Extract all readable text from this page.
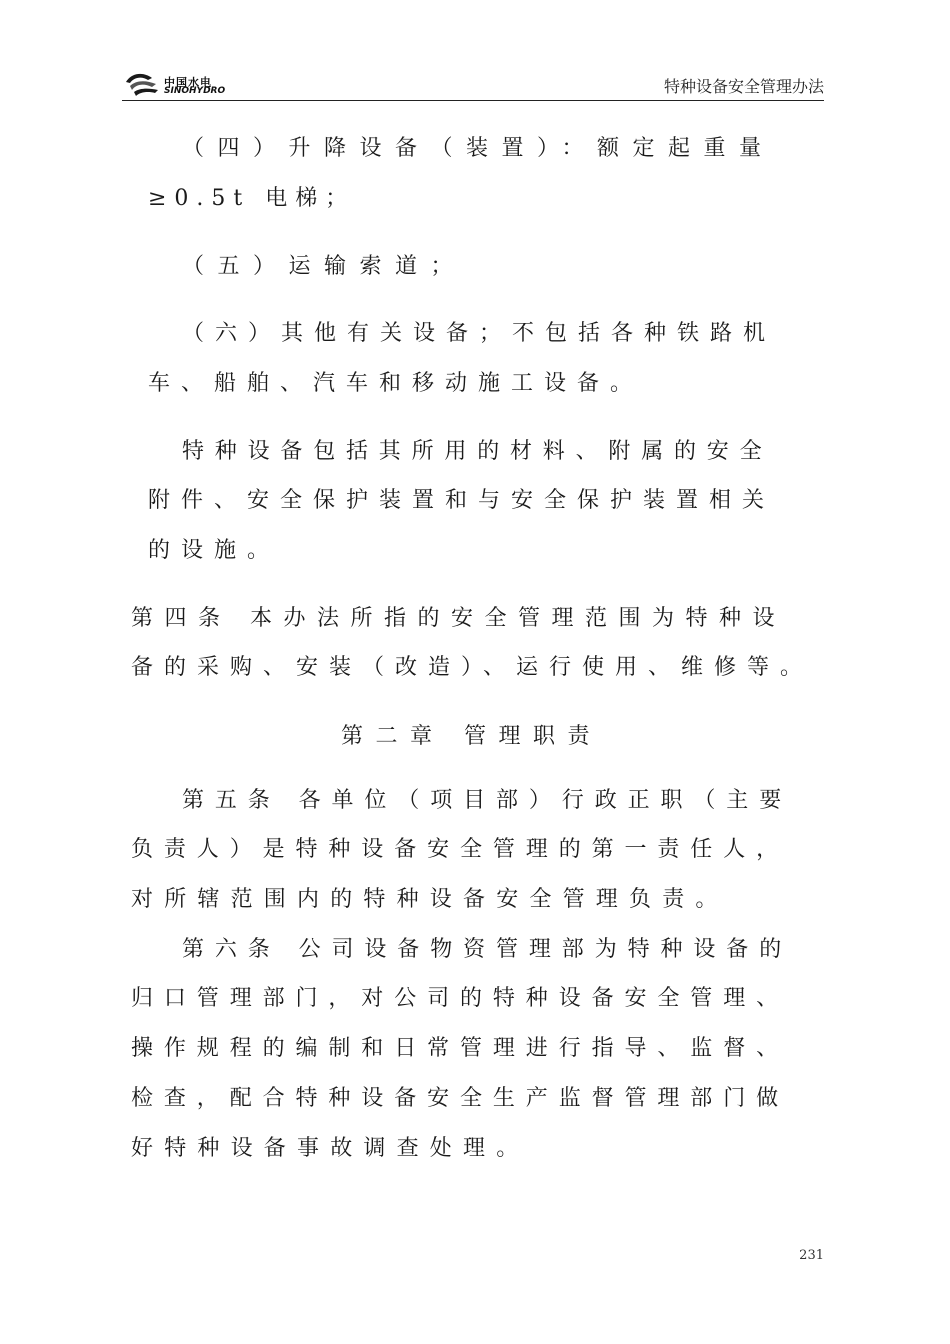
中国水电
SINOHYDRO	特种设备安全管理办法
（四）升降设备（装置）：额定起重量
≥0.5t 电梯；
（五）运输索道；
（六）其他有关设备；不包括各种铁路机
车、船舶、汽车和移动施工设备。
特种设备包括其所用的材料、附属的安全
附件、安全保护装置和与安全保护装置相关
的设施。
第四条 本办法所指的安全管理范围为特种设
备的采购、安装（改造）、运行使用、维修等。
第二章 管理职责
第五条 各单位（项目部）行政正职（主要
负责人）是特种设备安全管理的第一责任人，
对所辖范围内的特种设备安全管理负责。
第六条 公司设备物资管理部为特种设备的
归口管理部门，对公司的特种设备安全管理、
操作规程的编制和日常管理进行指导、监督、
检查，配合特种设备安全生产监督管理部门做
好特种设备事故调查处理。
231
